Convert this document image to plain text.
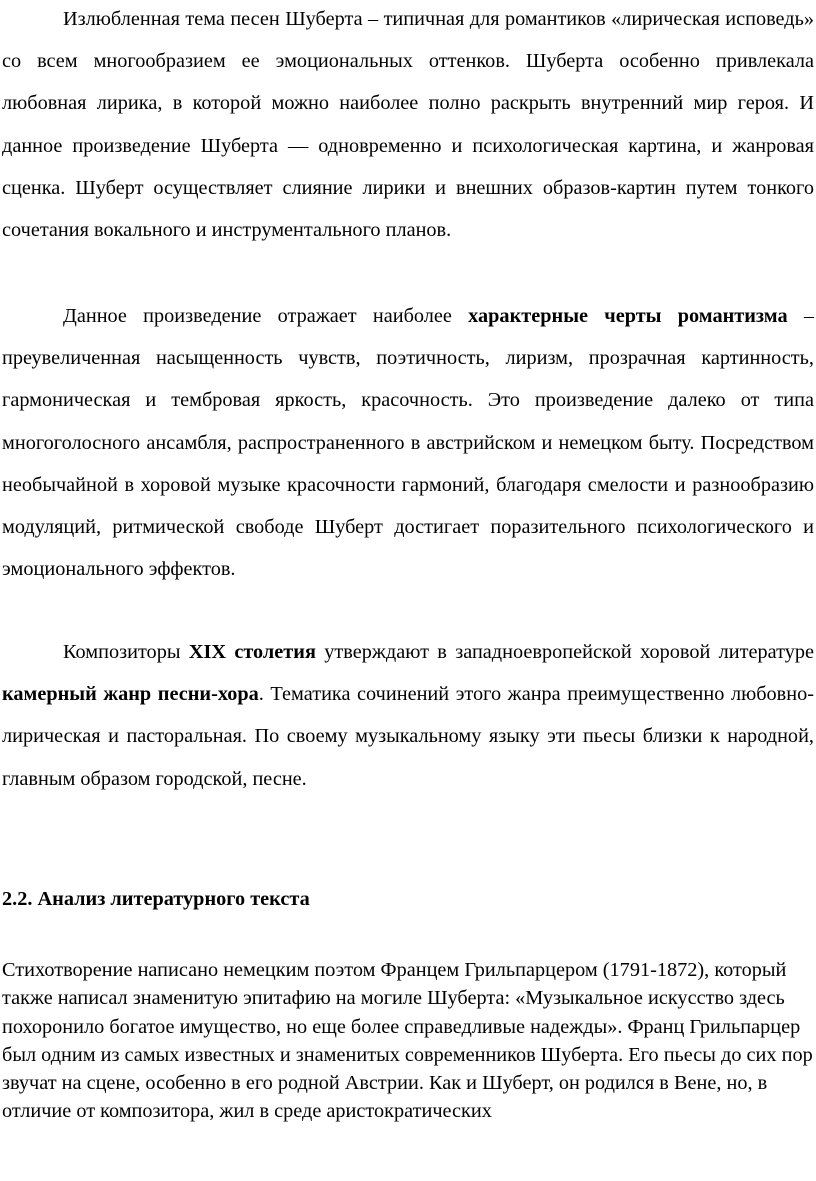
Излюбленная тема песен Шуберта – типичная для романтиков «лирическая исповедь» со всем многообразием ее эмоциональных оттенков. Шуберта особенно привлекала любовная лирика, в которой можно наиболее полно раскрыть внутренний мир героя. И данное произведение Шуберта — одновременно и психологическая картина, и жанровая сценка. Шуберт осуществляет слияние лирики и внешних образов-картин путем тонкого сочетания вокального и инструментального планов.

Данное произведение отражает наиболее характерные черты романтизма – преувеличенная насыщенность чувств, поэтичность, лиризм, прозрачная картинность, гармоническая и тембровая яркость, красочность. Это произведение далеко от типа многоголосного ансамбля, распространенного в австрийском и немецком быту. Посредством необычайной в хоровой музыке красочности гармоний, благодаря смелости и разнообразию модуляций, ритмической свободе Шуберт достигает поразительного психологического и эмоционального эффектов.

Композиторы XIX столетия утверждают в западноевропейской хоровой литературе камерный жанр песни-хора. Тематика сочинений этого жанра преимущественно любовно-лирическая и пасторальная. По своему музыкальному языку эти пьесы близки к народной, главным образом городской, песне.

2.2. Анализ литературного текста

Стихотворение написано немецким поэтом Францем Грильпарцером (1791-1872), который также написал знаменитую эпитафию на могиле Шуберта: «Музыкальное искусство здесь похоронило богатое имущество, но еще более справедливые надежды». Франц Грильпарцер был одним из самых известных и знаменитых современников Шуберта. Его пьесы до сих пор звучат на сцене, особенно в его родной Австрии. Как и Шуберт, он родился в Вене, но, в отличие от композитора, жил в среде аристократических
